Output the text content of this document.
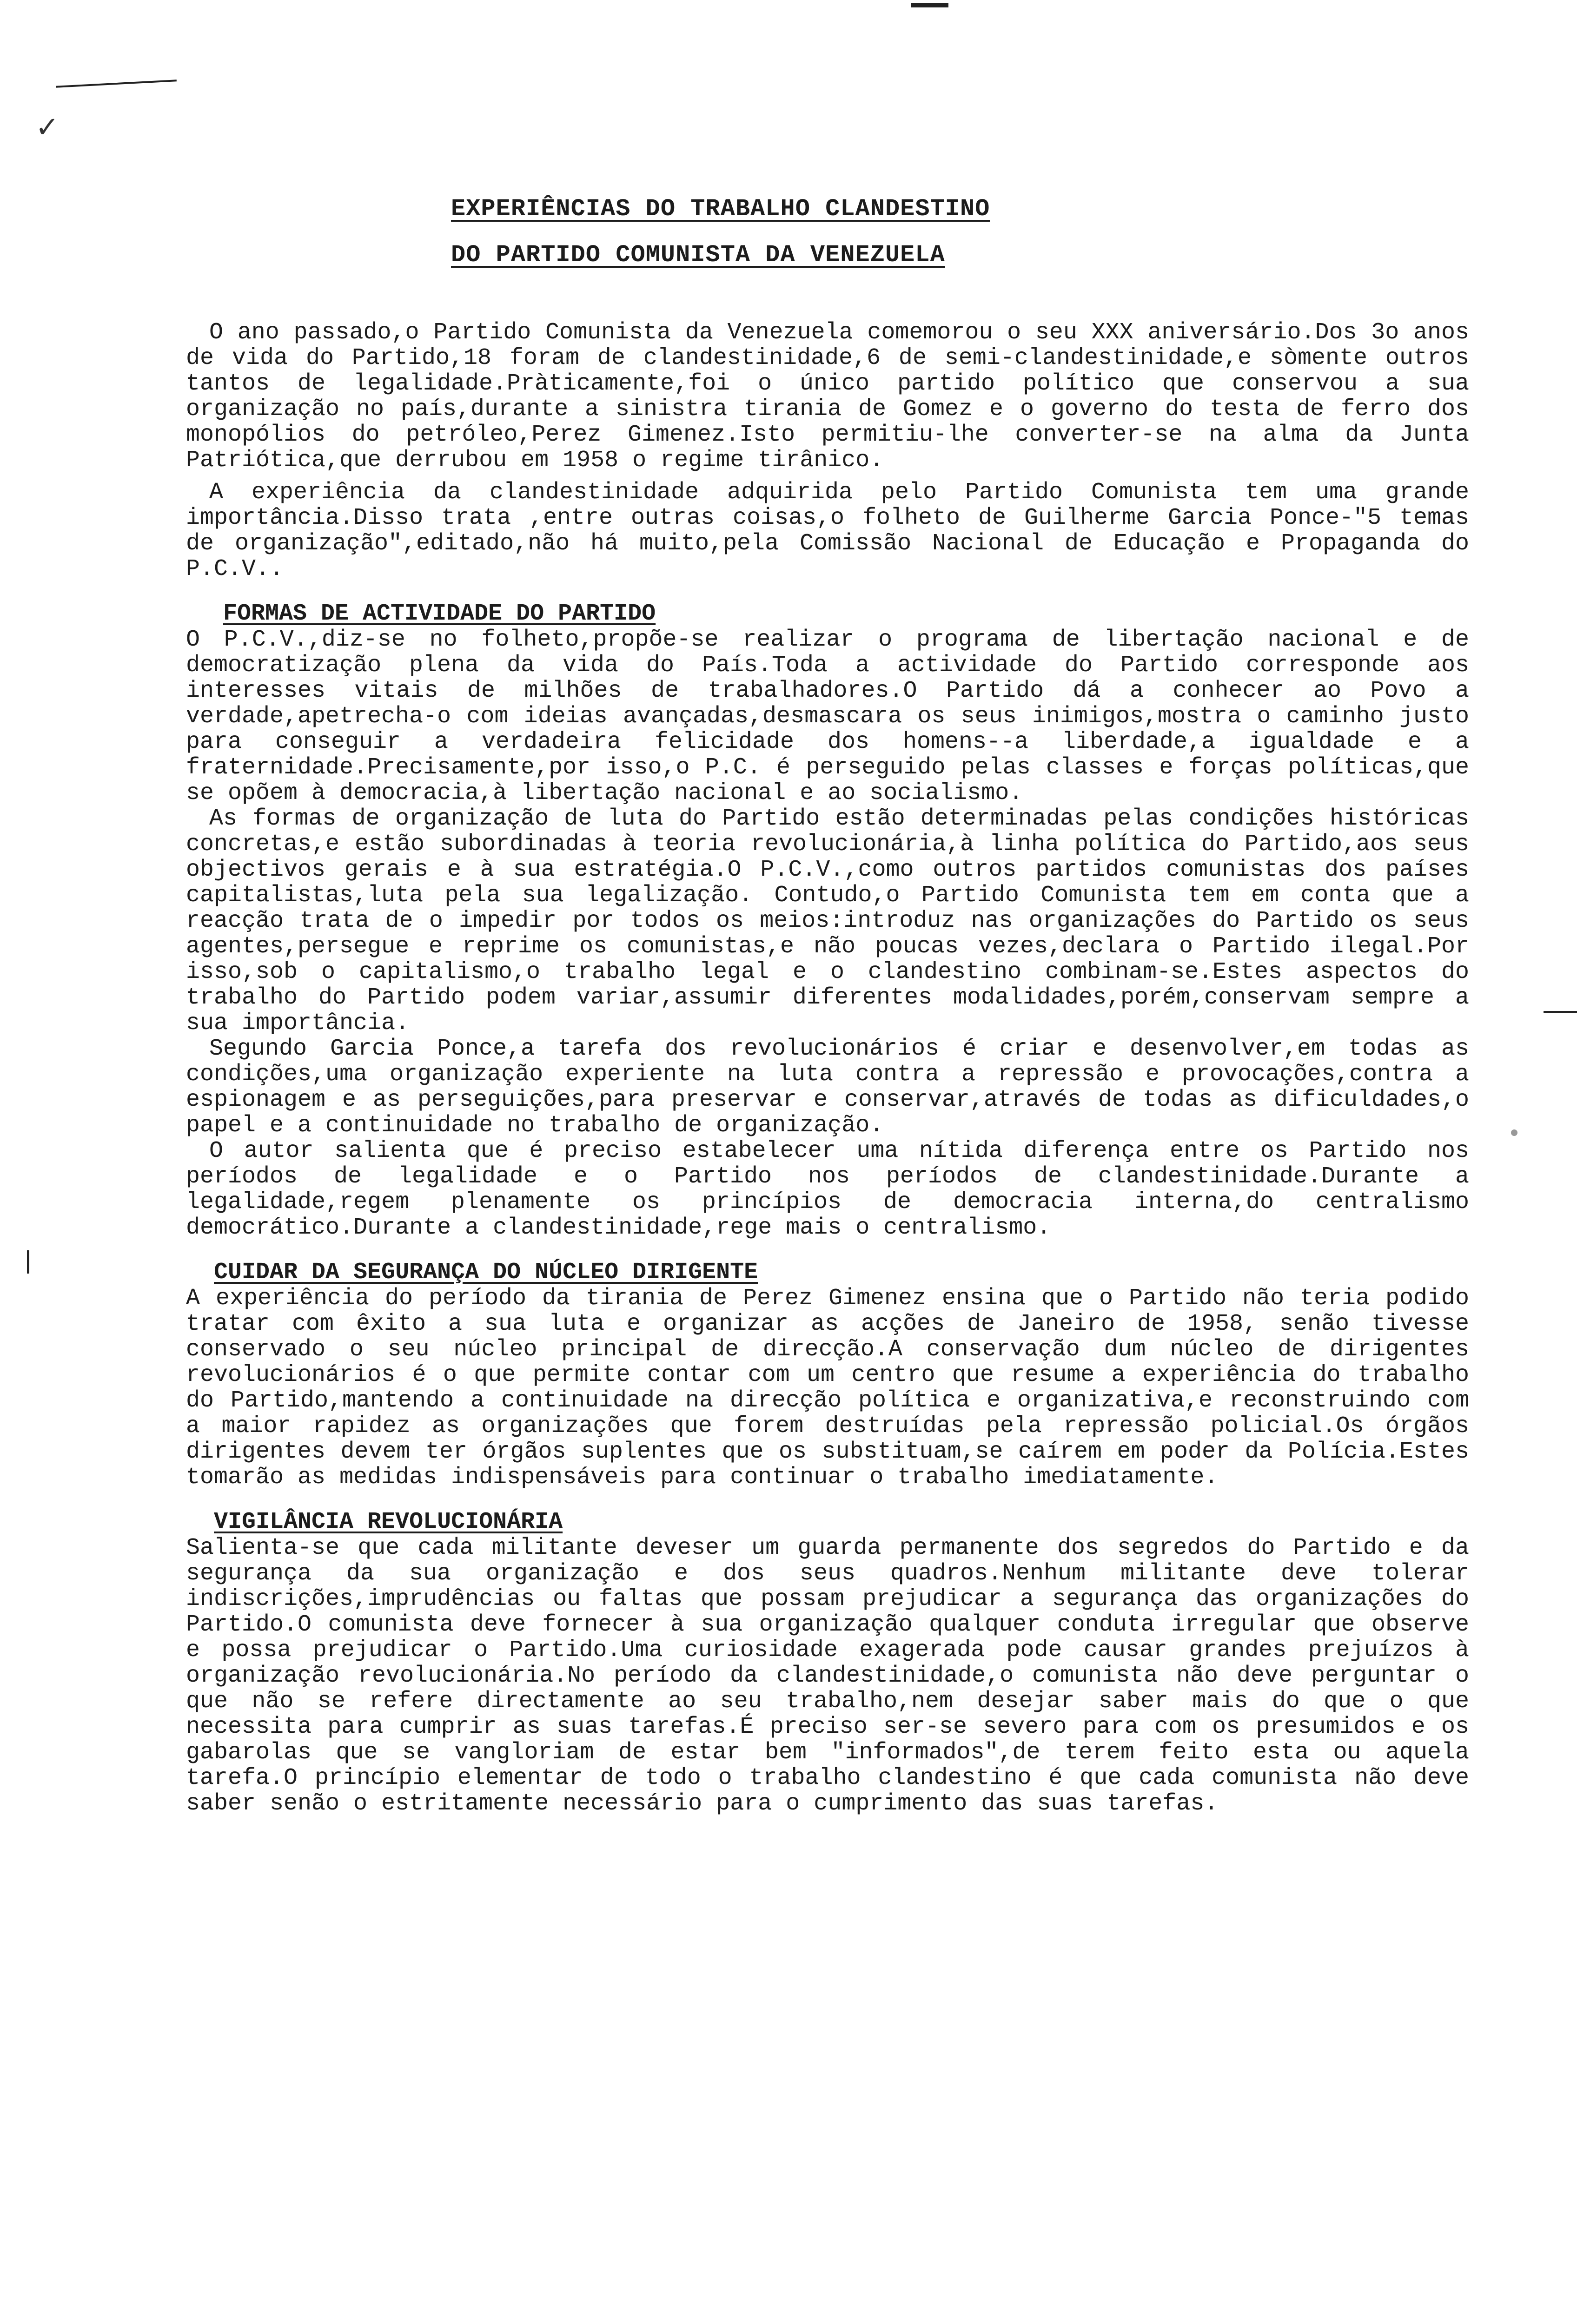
✓
EXPERIÊNCIAS DO TRABALHO CLANDESTINO
DO PARTIDO COMUNISTA DA VENEZUELA

O ano passado,o Partido Comunista da Venezuela comemorou o seu XXX aniversário.Dos 3o anos de vida do Partido,18 foram de clandestinidade,6 de semi-clandestinidade,e sòmente outros tantos de legalidade.Pràticamente,foi o único partido político que conservou a sua organização no país,durante a sinistra tirania de Gomez e o governo do testa de ferro dos monopólios do petróleo,Perez Gimenez.Isto permitiu-lhe converter-se na alma da Junta Patriótica,que derrubou em 1958 o regime tirânico.

A experiência da clandestinidade adquirida pelo Partido Comunista tem uma grande importância.Disso trata ,entre outras coisas,o folheto de Guilherme Garcia Ponce-"5 temas de organização",editado,não há muito,pela Comissão Nacional de Educação e Propaganda do P.C.V..

FORMAS DE ACTIVIDADE DO PARTIDO

O P.C.V.,diz-se no folheto,propõe-se realizar o programa de libertação nacional e de democratização plena da vida do País.Toda a actividade do Partido corresponde aos interesses vitais de milhões de trabalhadores.O Partido dá a conhecer ao Povo a verdade,apetrecha-o com ideias avançadas,desmascara os seus inimigos,mostra o caminho justo para conseguir a verdadeira felicidade dos homens--a liberdade,a igualdade e a fraternidade.Precisamente,por isso,o P.C. é perseguido pelas classes e forças políticas,que se opõem à democracia,à libertação nacional e ao socialismo.

As formas de organização de luta do Partido estão determinadas pelas condições históricas concretas,e estão subordinadas à teoria revolucionária,à linha política do Partido,aos seus objectivos gerais e à sua estratégia.O P.C.V.,como outros partidos comunistas dos países capitalistas,luta pela sua legalização. Contudo,o Partido Comunista tem em conta que a reacção trata de o impedir por todos os meios:introduz nas organizações do Partido os seus agentes,persegue e reprime os comunistas,e não poucas vezes,declara o Partido ilegal.Por isso,sob o capitalismo,o trabalho legal e o clandestino combinam-se.Estes aspectos do trabalho do Partido podem variar,assumir diferentes modalidades,porém,conservam sempre a sua importância.

Segundo Garcia Ponce,a tarefa dos revolucionários é criar e desenvolver,em todas as condições,uma organização experiente na luta contra a repressão e provocações,contra a espionagem e as perseguições,para preservar e conservar,através de todas as dificuldades,o papel e a continuidade no trabalho de organização.

O autor salienta que é preciso estabelecer uma nítida diferença entre os Partido nos períodos de legalidade e o Partido nos períodos de clandestinidade.Durante a legalidade,regem plenamente os princípios de democracia interna,do centralismo democrático.Durante a clandestinidade,rege mais o centralismo.

CUIDAR DA SEGURANÇA DO NÚCLEO DIRIGENTE

A experiência do período da tirania de Perez Gimenez ensina que o Partido não teria podido tratar com êxito a sua luta e organizar as acções de Janeiro de 1958, senão tivesse conservado o seu núcleo principal de direcção.A conservação dum núcleo de dirigentes revolucionários é o que permite contar com um centro que resume a experiência do trabalho do Partido,mantendo a continuidade na direcção política e organizativa,e reconstruindo com a maior rapidez as organizações que forem destruídas pela repressão policial.Os órgãos dirigentes devem ter órgãos suplentes que os substituam,se caírem em poder da Polícia.Estes tomarão as medidas indispensáveis para continuar o trabalho imediatamente.

VIGILÂNCIA REVOLUCIONÁRIA

Salienta-se que cada militante deveser um guarda permanente dos segredos do Partido e da segurança da sua organização e dos seus quadros.Nenhum militante deve tolerar indiscrições,imprudências ou faltas que possam prejudicar a segurança das organizações do Partido.O comunista deve fornecer à sua organização qualquer conduta irregular que observe e possa prejudicar o Partido.Uma curiosidade exagerada pode causar grandes prejuízos à organização revolucionária.No período da clandestinidade,o comunista não deve perguntar o que não se refere directamente ao seu trabalho,nem desejar saber mais do que o que necessita para cumprir as suas tarefas.É preciso ser-se severo para com os presumidos e os gabarolas que se vangloriam de estar bem "informados",de terem feito esta ou aquela tarefa.O princípio elementar de todo o trabalho clandestino é que cada comunista não deve saber senão o estritamente necessário para o cumprimento das suas tarefas.
